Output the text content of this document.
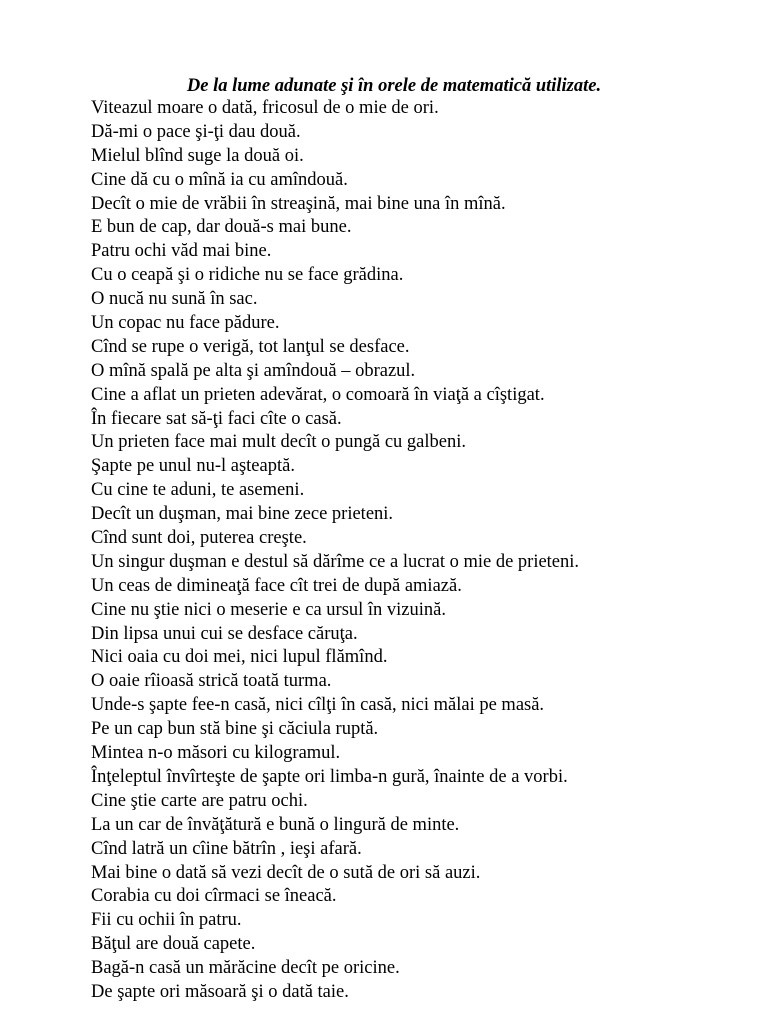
De la lume adunate şi în orele de matematică utilizate.
Viteazul moare o dată, fricosul de o mie de ori.
Dă-mi o pace şi-ţi dau două.
Mielul blînd suge la două oi.
Cine dă cu o mînă ia cu amîndouă.
Decît o mie de vrăbii în streaşină, mai bine una în mînă.
E bun de cap, dar două-s mai bune.
Patru ochi văd mai bine.
Cu o ceapă şi o ridiche nu se face grădina.
O nucă nu sună în sac.
Un copac nu face pădure.
Cînd se rupe o verigă, tot lanţul se desface.
O mînă spală pe alta şi amîndouă – obrazul.
Cine a aflat un prieten adevărat, o comoară în viaţă a cîştigat.
În fiecare sat să-ţi faci cîte o casă.
Un prieten face mai mult decît o pungă cu galbeni.
Şapte pe unul nu-l aşteaptă.
Cu cine te aduni, te asemeni.
Decît un duşman, mai bine zece prieteni.
Cînd sunt doi, puterea creşte.
Un singur duşman e destul să dărîme ce a lucrat o mie de prieteni.
Un ceas de dimineaţă face cît trei de după amiază.
Cine nu ştie nici o meserie e ca ursul în vizuină.
Din lipsa unui cui se desface căruţa.
Nici oaia cu doi mei, nici lupul flămînd.
O oaie rîioasă strică toată turma.
Unde-s şapte fee-n casă, nici cîlţi în casă, nici mălai pe masă.
Pe un cap bun stă bine şi căciula ruptă.
Mintea n-o măsori cu kilogramul.
Înţeleptul învîrteşte de şapte ori limba-n gură, înainte de a vorbi.
Cine ştie carte are patru ochi.
La un car de învăţătură e bună o lingură de minte.
Cînd latră un cîine bătrîn , ieşi afară.
Mai bine o dată să vezi decît de o sută de ori să auzi.
Corabia cu doi cîrmaci se îneacă.
Fii cu ochii în patru.
Băţul are două capete.
Bagă-n casă un mărăcine decît pe oricine.
De şapte ori măsoară şi o dată taie.
